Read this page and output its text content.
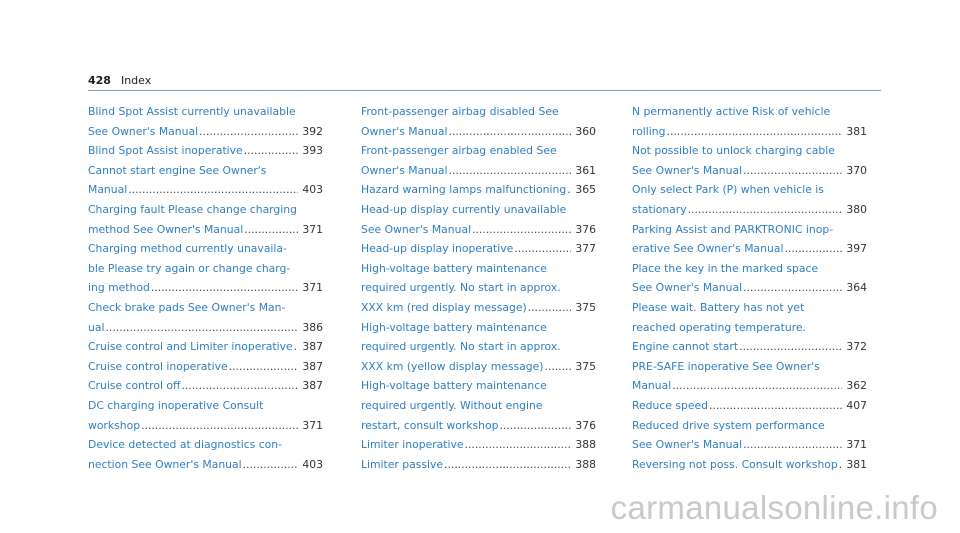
428 Index
Blind Spot Assist currently unavailable
See Owner's Manual .....	392
Blind Spot Assist inoperative .....	393
Cannot start engine See Owner's
Manual .....	403
Charging fault Please change charging
method See Owner's Manual .....	371
Charging method currently unavaila-
ble Please try again or change charg-
ing method .....	371
Check brake pads See Owner's Man-
ual .....	386
Cruise control and Limiter inoperative ..... 387
Cruise control inoperative .....	387
Cruise control off .....	387
DC charging inoperative Consult
workshop .....	371
Device detected at diagnostics con-
nection See Owner's Manual .....	403
Front-passenger airbag disabled See
Owner's Manual .....	360
Front-passenger airbag enabled See
Owner's Manual .....	361
Hazard warning lamps malfunctioning ..... 365
Head-up display currently unavailable
See Owner's Manual .....	376
Head-up display inoperative .....	377
High-voltage battery maintenance
required urgently. No start in approx.
XXX km (red display message) .....	375
High-voltage battery maintenance
required urgently. No start in approx.
XXX km (yellow display message) .....	375
High-voltage battery maintenance
required urgently. Without engine
restart, consult workshop .....	376
Limiter inoperative .....	388
Limiter passive .....	388
N permanently active Risk of vehicle
rolling .....	381
Not possible to unlock charging cable
See Owner's Manual .....	370
Only select Park (P) when vehicle is
stationary .....	380
Parking Assist and PARKTRONIC inop-
erative See Owner's Manual .....	397
Place the key in the marked space
See Owner's Manual .....	364
Please wait. Battery has not yet
reached operating temperature.
Engine cannot start .....	372
PRE-SAFE inoperative See Owner's
Manual .....	362
Reduce speed .....	407
Reduced drive system performance
See Owner's Manual .....	371
Reversing not poss. Consult workshop ..... 381
carmanualsonline.info
